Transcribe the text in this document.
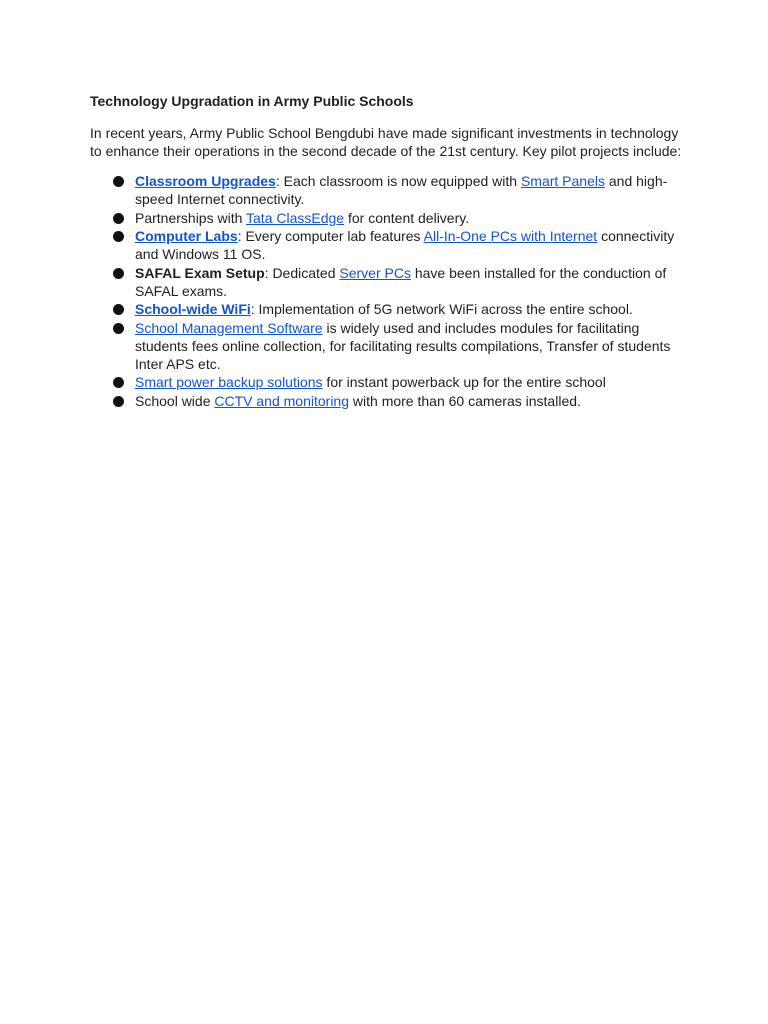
Technology Upgradation in Army Public Schools
In recent years, Army Public School Bengdubi have made significant investments in technology to enhance their operations in the second decade of the 21st century. Key pilot projects include:
Classroom Upgrades: Each classroom is now equipped with Smart Panels and high-speed Internet connectivity.
Partnerships with Tata ClassEdge for content delivery.
Computer Labs: Every computer lab features All-In-One PCs with Internet connectivity and Windows 11 OS.
SAFAL Exam Setup: Dedicated Server PCs have been installed for the conduction of SAFAL exams.
School-wide WiFi: Implementation of 5G network WiFi across the entire school.
School Management Software is widely used and includes modules for facilitating students fees online collection, for facilitating results compilations, Transfer of students Inter APS etc.
Smart power backup solutions for instant powerback up for the entire school
School wide CCTV and monitoring with more than 60 cameras installed.
